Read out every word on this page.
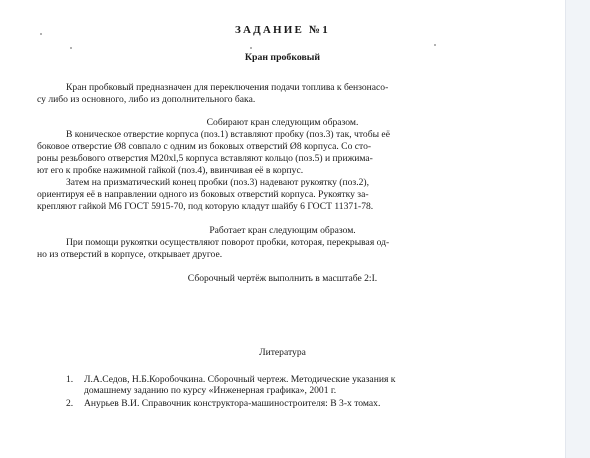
ЗАДАНИЕ №1
Кран пробковый

Кран пробковый предназначен для переключения подачи топлива к бензонасо-

су либо из основного, либо из дополнительного бака.

Собирают кран следующим образом.

В коническое отверстие корпуса (поз.1) вставляют пробку (поз.3) так, чтобы её

боковое отверстие Ø8 совпало с одним из боковых отверстий Ø8 корпуса. Со сто-

роны резьбового отверстия M20xl,5 корпуса вставляют кольцо (поз.5) и прижима-

ют его к пробке нажимной гайкой (поз.4), ввинчивая её в корпус.

Затем на призматический конец пробки (поз.3) надевают рукоятку (поз.2),

ориентируя её в направлении одного из боковых отверстий корпуса. Рукоятку за-

крепляют гайкой М6 ГОСТ 5915-70, под которую кладут шайбу 6 ГОСТ 11371-78.

Работает кран следующим образом.

При помощи рукоятки осуществляют поворот пробки, которая, перекрывая од-

но из отверстий в корпусе, открывает другое.

Сборочный чертёж выполнить в масштабе 2:I.

Литература
1. Л.А.Седов, Н.Б.Коробочкина. Сборочный чертеж. Методические указания к
домашнему заданию по курсу «Инженерная графика», 2001 г.
2. Анурьев В.И. Справочник конструктора-машиностроителя: В 3-х томах.
